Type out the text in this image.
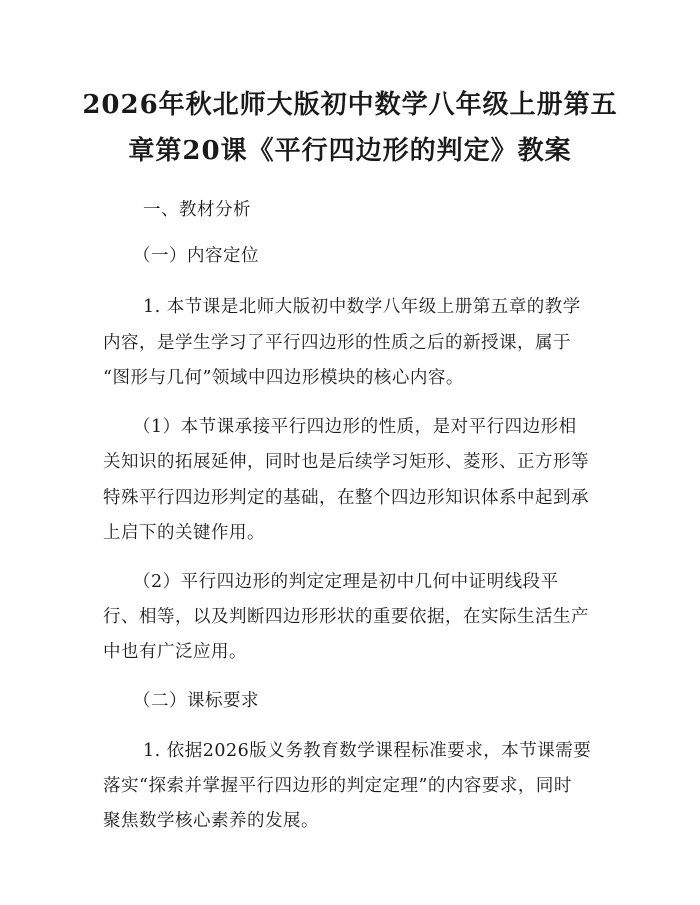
2026年秋北师大版初中数学八年级上册第五
章第20课《平行四边形的判定》教案
一、教材分析
（一）内容定位
1. 本节课是北师大版初中数学八年级上册第五章的教学
内容，是学生学习了平行四边形的性质之后的新授课，属于
“图形与几何”领域中四边形模块的核心内容。
（1）本节课承接平行四边形的性质，是对平行四边形相
关知识的拓展延伸，同时也是后续学习矩形、菱形、正方形等
特殊平行四边形判定的基础，在整个四边形知识体系中起到承
上启下的关键作用。
（2）平行四边形的判定定理是初中几何中证明线段平
行、相等，以及判断四边形形状的重要依据，在实际生活生产
中也有广泛应用。
（二）课标要求
1. 依据2026版义务教育数学课程标准要求，本节课需要
落实“探索并掌握平行四边形的判定定理”的内容要求，同时
聚焦数学核心素养的发展。
